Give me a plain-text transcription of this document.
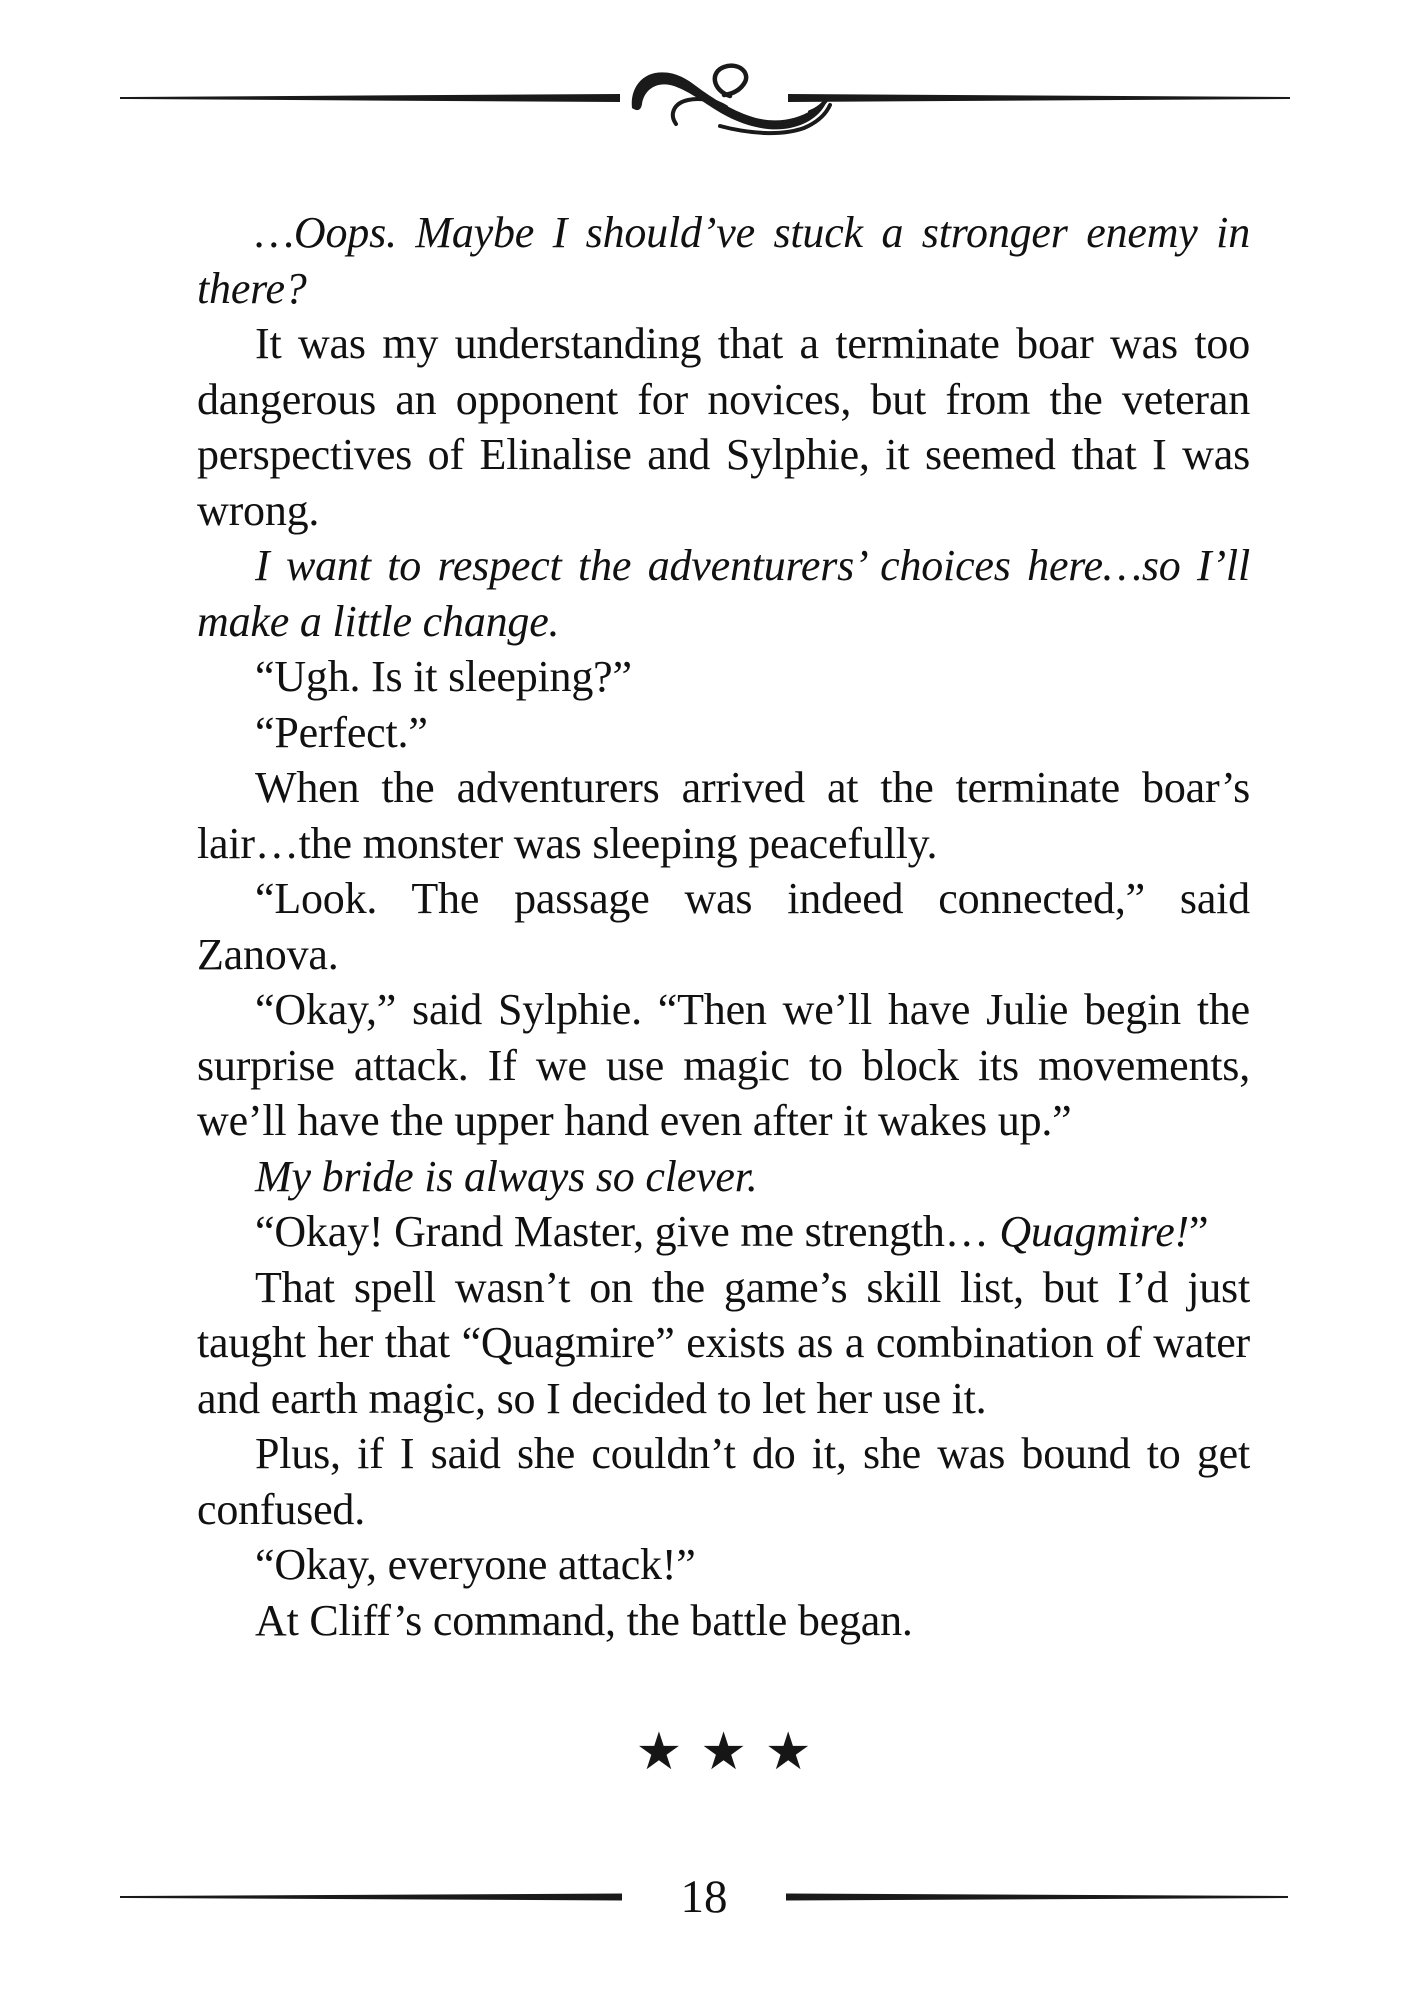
…Oops. Maybe I should’ve stuck a stronger enemy in there?

It was my understanding that a terminate boar was too dangerous an opponent for novices, but from the veteran perspectives of Elinalise and Sylphie, it seemed that I was wrong.

I want to respect the adventurers’ choices here…so I’ll make a little change.

“Ugh. Is it sleeping?”

“Perfect.”

When the adventurers arrived at the terminate boar’s lair…the monster was sleeping peacefully.

“Look. The passage was indeed connected,” said Zanova.

“Okay,” said Sylphie. “Then we’ll have Julie begin the surprise attack. If we use magic to block its movements, we’ll have the upper hand even after it wakes up.”

My bride is always so clever.

“Okay! Grand Master, give me strength… Quagmire!”

That spell wasn’t on the game’s skill list, but I’d just taught her that “Quagmire” exists as a combination of water and earth magic, so I decided to let her use it.

Plus, if I said she couldn’t do it, she was bound to get confused.

“Okay, everyone attack!”

At Cliff’s command, the battle began.

★ ★ ★
18
